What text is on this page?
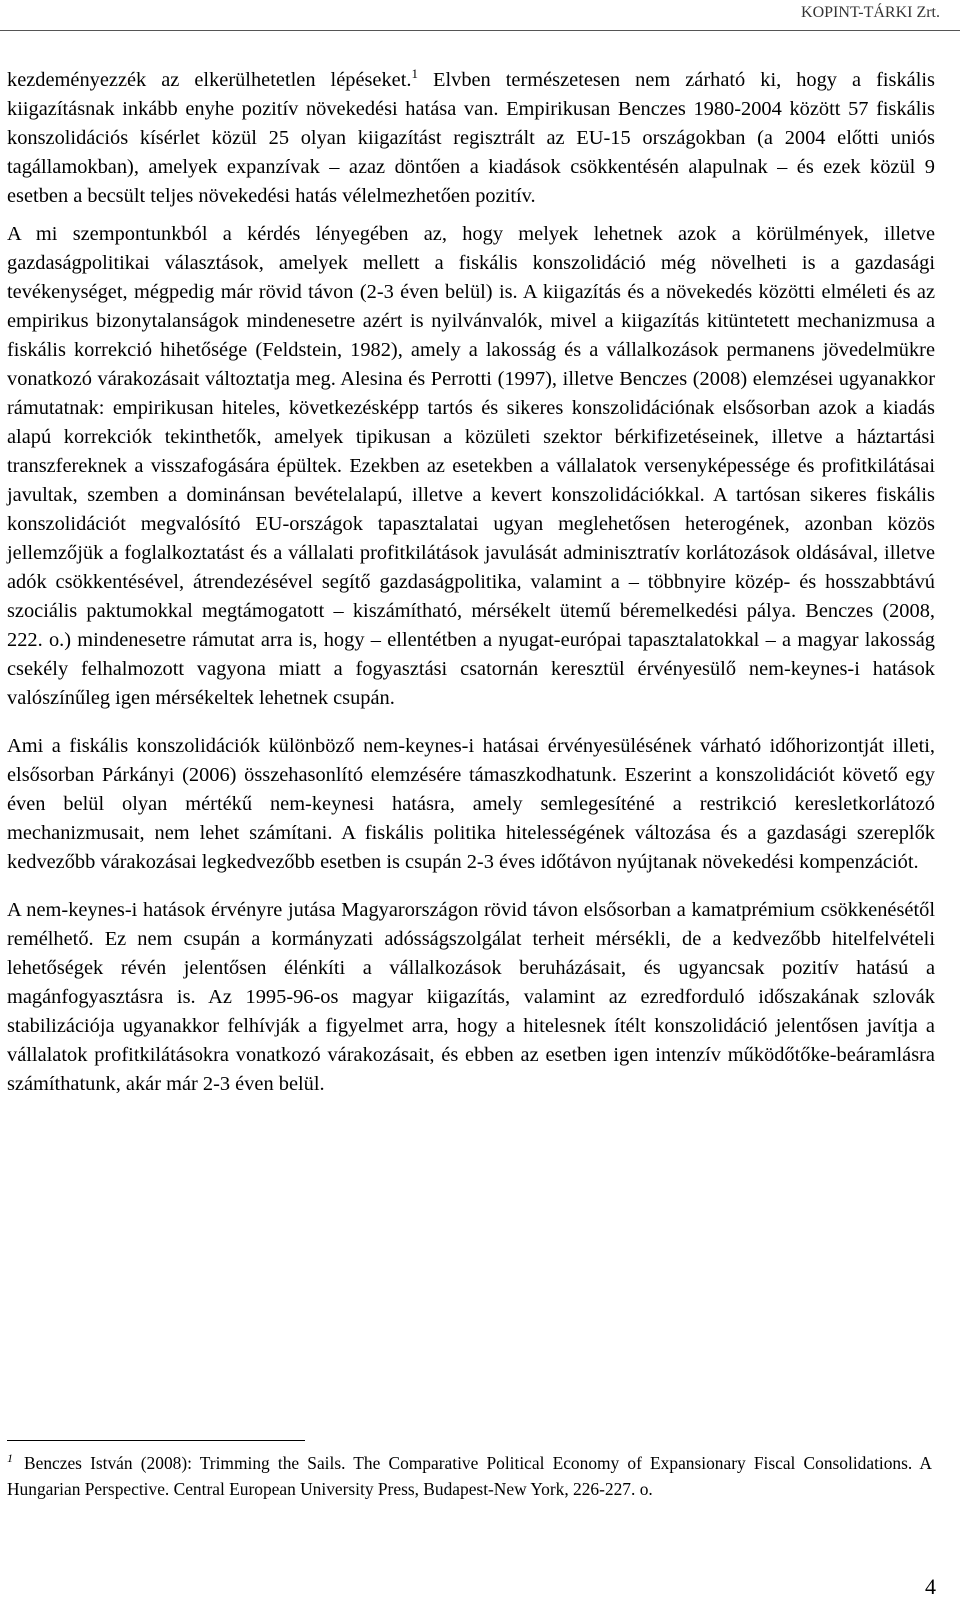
KOPINT-TÁRKI Zrt.

kezdeményezzék az elkerülhetetlen lépéseket.$^1$ Elvben természetesen nem zárható ki, hogy a fiskális kiigazításnak inkább enyhe pozitív növekedési hatása van. Empirikusan Benczes 1980-2004 között 57 fiskális konszolidációs kísérlet közül 25 olyan kiigazítást regisztrált az EU-15 országokban (a 2004 előtti uniós tagállamokban), amelyek expanzívak – azaz döntően a kiadások csökkentésén alapulnak – és ezek közül 9 esetben a becsült teljes növekedési hatás vélelmezhetően pozitív.

A mi szempontunkból a kérdés lényegében az, hogy melyek lehetnek azok a körülmények, illetve gazdaságpolitikai választások, amelyek mellett a fiskális konszolidáció még növelheti is a gazdasági tevékenységet, mégpedig már rövid távon (2-3 éven belül) is. A kiigazítás és a növekedés közötti elméleti és az empirikus bizonytalanságok mindenesetre azért is nyilvánvalók, mivel a kiigazítás kitüntetett mechanizmusa a fiskális korrekció hihetősége (Feldstein, 1982), amely a lakosság és a vállalkozások permanens jövedelmükre vonatkozó várakozásait változtatja meg. Alesina és Perrotti (1997), illetve Benczes (2008) elemzései ugyanakkor rámutatnak: empirikusan hiteles, következésképp tartós és sikeres konszolidációnak elsősorban azok a kiadás alapú korrekciók tekinthetők, amelyek tipikusan a közületi szektor bérkifizetéseinek, illetve a háztartási transzfereknek a visszafogására épültek. Ezekben az esetekben a vállalatok versenyképessége és profitkilátásai javultak, szemben a dominánsan bevételalapú, illetve a kevert konszolidációkkal. A tartósan sikeres fiskális konszolidációt megvalósító EU-országok tapasztalatai ugyan meglehetősen heterogének, azonban közös jellemzőjük a foglalkoztatást és a vállalati profitkilátások javulását adminisztratív korlátozások oldásával, illetve adók csökkentésével, átrendezésével segítő gazdaságpolitika, valamint a – többnyire közép- és hosszabbtávú szociális paktumokkal megtámogatott – kiszámítható, mérsékelt ütemű béremelkedési pálya. Benczes (2008, 222. o.) mindenesetre rámutat arra is, hogy – ellentétben a nyugat-európai tapasztalatokkal – a magyar lakosság csekély felhalmozott vagyona miatt a fogyasztási csatornán keresztül érvényesülő nem-keynes-i hatások valószínűleg igen mérsékeltek lehetnek csupán.

Ami a fiskális konszolidációk különböző nem-keynes-i hatásai érvényesülésének várható időhorizontját illeti, elsősorban Párkányi (2006) összehasonlító elemzésére támaszkodhatunk. Eszerint a konszolidációt követő egy éven belül olyan mértékű nem-keynesi hatásra, amely semlegesíténé a restrikció keresletkorlátozó mechanizmusait, nem lehet számítani. A fiskális politika hitelességének változása és a gazdasági szereplők kedvezőbb várakozásai legkedvezőbb esetben is csupán 2-3 éves időtávon nyújtanak növekedési kompenzációt.

A nem-keynes-i hatások érvényre jutása Magyarországon rövid távon elsősorban a kamatprémium csökkenésétől remélhető. Ez nem csupán a kormányzati adósságszolgálat terheit mérsékli, de a kedvezőbb hitelfelvételi lehetőségek révén jelentősen élénkíti a vállalkozások beruházásait, és ugyancsak pozitív hatású a magánfogyasztásra is. Az 1995-96-os magyar kiigazítás, valamint az ezredforduló időszakának szlovák stabilizációja ugyanakkor felhívják a figyelmet arra, hogy a hitelesnek ítélt konszolidáció jelentősen javítja a vállalatok profitkilátásokra vonatkozó várakozásait, és ebben az esetben igen intenzív működőtőke-beáramlásra számíthatunk, akár már 2-3 éven belül.

$^1$ Benczes István (2008): Trimming the Sails. The Comparative Political Economy of Expansionary Fiscal Consolidations. A Hungarian Perspective. Central European University Press, Budapest-New York, 226-227. o.
4
